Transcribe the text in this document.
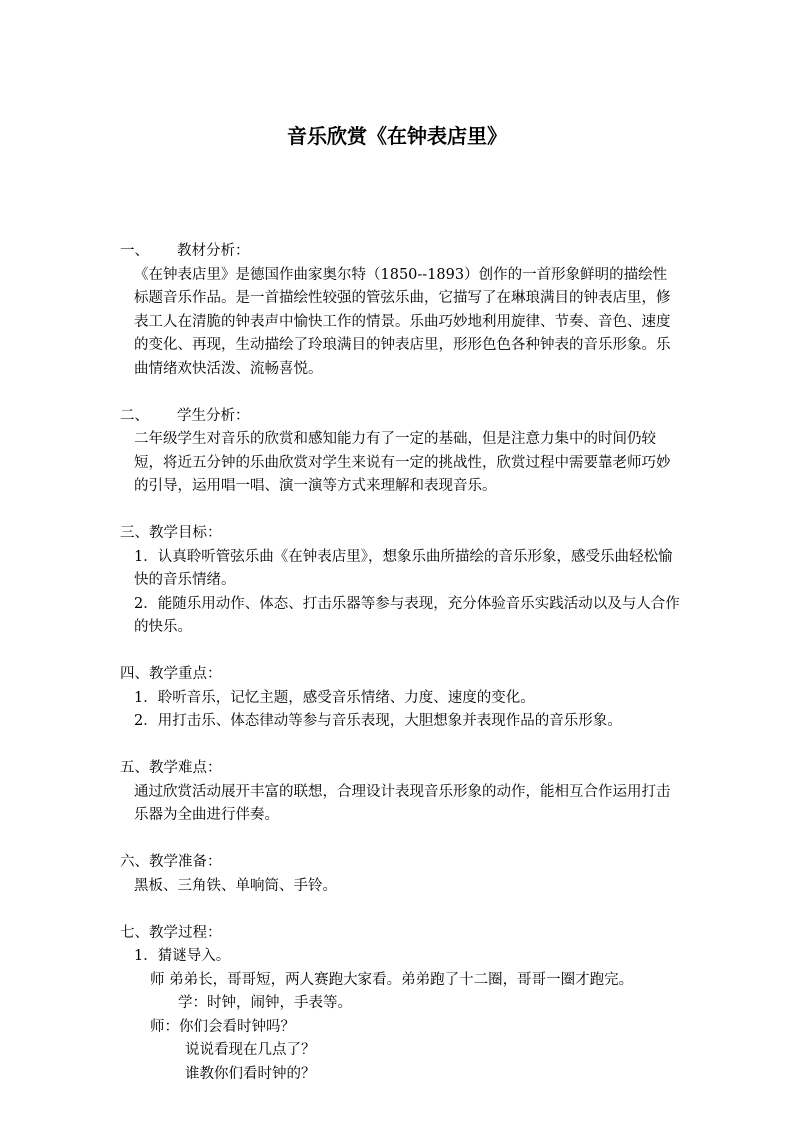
音乐欣赏《在钟表店里》

一、 教材分析：

《在钟表店里》是德国作曲家奥尔特（1850--1893）创作的一首形象鲜明的描绘性标题音乐作品。是一首描绘性较强的管弦乐曲，它描写了在琳琅满目的钟表店里，修表工人在清脆的钟表声中愉快工作的情景。乐曲巧妙地利用旋律、节奏、音色、速度的变化、再现，生动描绘了玲琅满目的钟表店里，形形色色各种钟表的音乐形象。乐曲情绪欢快活泼、流畅喜悦。

二、 学生分析：

二年级学生对音乐的欣赏和感知能力有了一定的基础，但是注意力集中的时间仍较短，将近五分钟的乐曲欣赏对学生来说有一定的挑战性，欣赏过程中需要靠老师巧妙的引导，运用唱一唱、演一演等方式来理解和表现音乐。

三、教学目标：

1．认真聆听管弦乐曲《在钟表店里》，想象乐曲所描绘的音乐形象，感受乐曲轻松愉快的音乐情绪。

2．能随乐用动作、体态、打击乐器等参与表现，充分体验音乐实践活动以及与人合作的快乐。

四、教学重点：

1．聆听音乐，记忆主题，感受音乐情绪、力度、速度的变化。

2．用打击乐、体态律动等参与音乐表现，大胆想象并表现作品的音乐形象。

五、教学难点：

通过欣赏活动展开丰富的联想，合理设计表现音乐形象的动作，能相互合作运用打击乐器为全曲进行伴奏。

六、教学准备：

黑板、三角铁、单响筒、手铃。

七、教学过程：

1．猜谜导入。

师 弟弟长，哥哥短，两人赛跑大家看。弟弟跑了十二圈，哥哥一圈才跑完。

学：时钟，闹钟，手表等。

师：你们会看时钟吗？

说说看现在几点了？

谁教你们看时钟的？
